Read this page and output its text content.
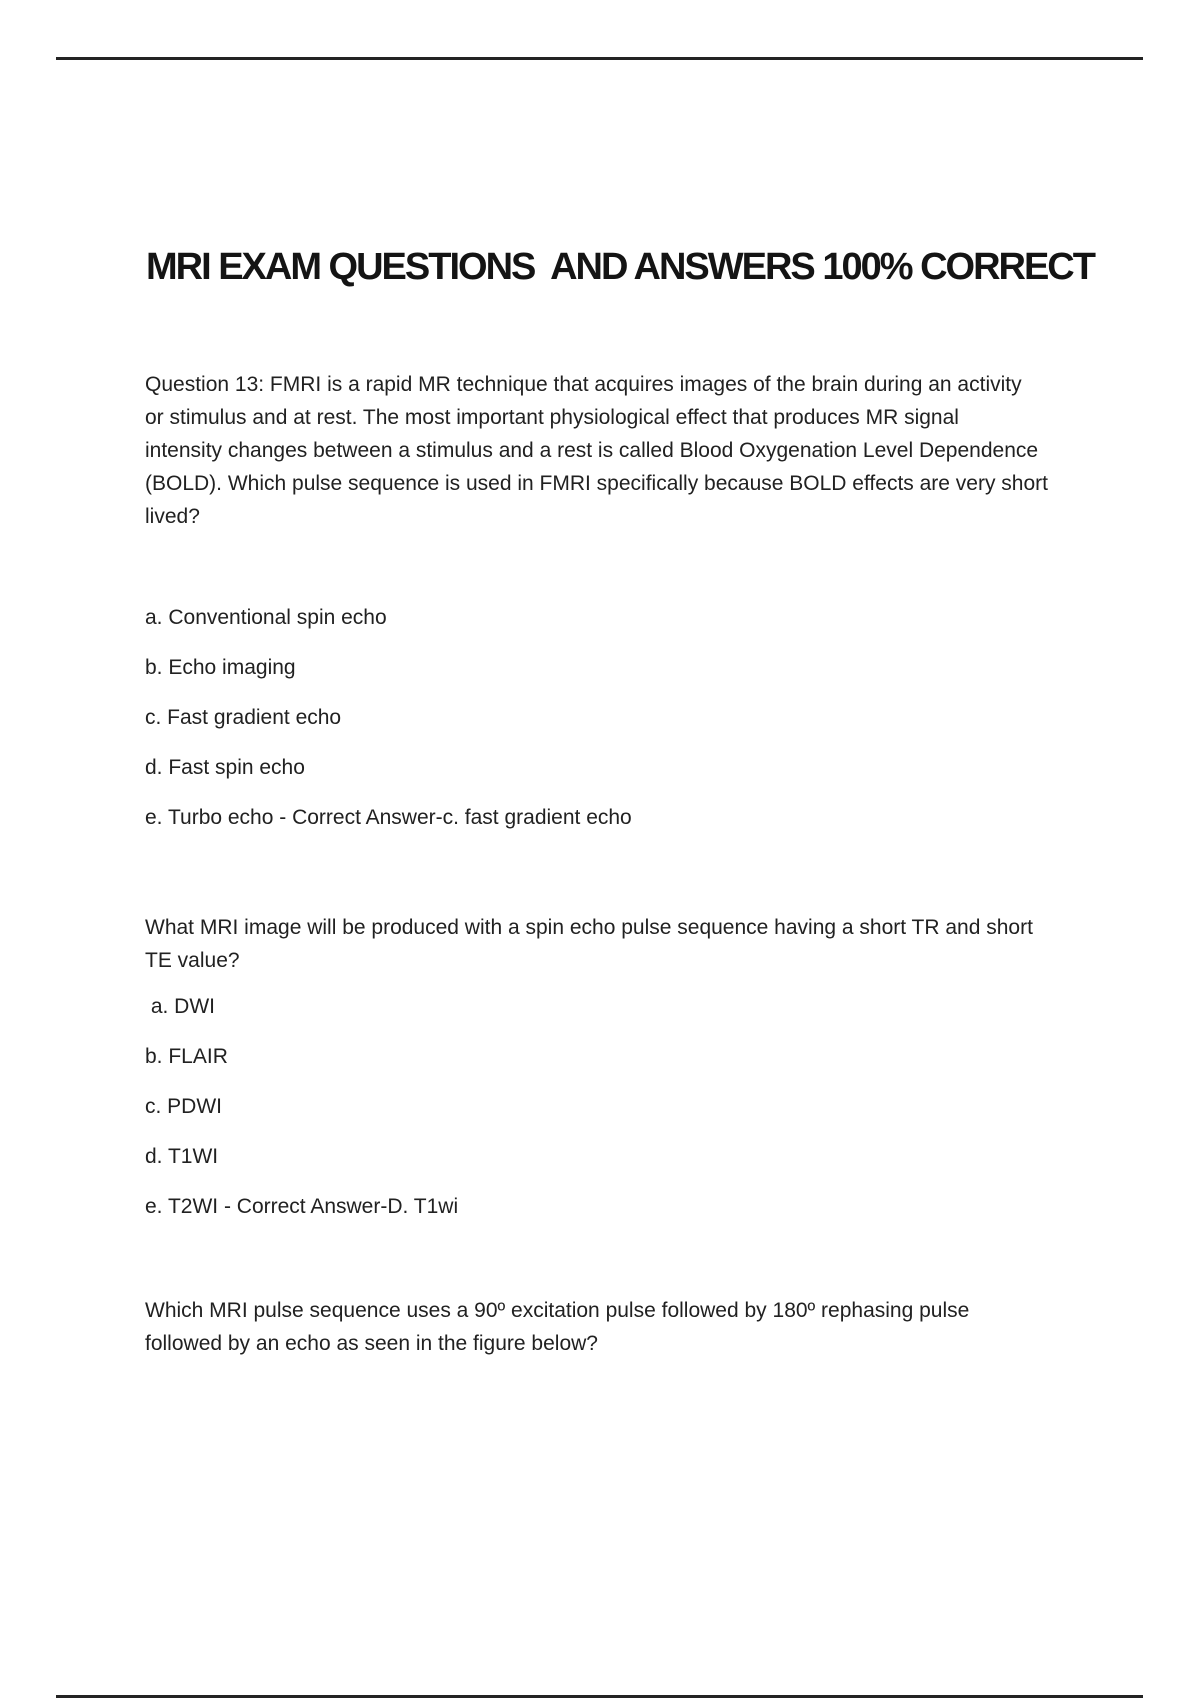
MRI EXAM QUESTIONS  AND ANSWERS 100% CORRECT
Question 13: FMRI is a rapid MR technique that acquires images of the brain during an activity
or stimulus and at rest. The most important physiological effect that produces MR signal
intensity changes between a stimulus and a rest is called Blood Oxygenation Level Dependence
(BOLD). Which pulse sequence is used in FMRI specifically because BOLD effects are very short
lived?
a. Conventional spin echo
b. Echo imaging
c. Fast gradient echo
d. Fast spin echo
e. Turbo echo - Correct Answer-c. fast gradient echo
What MRI image will be produced with a spin echo pulse sequence having a short TR and short
TE value?
a. DWI
b. FLAIR
c. PDWI
d. T1WI
e. T2WI - Correct Answer-D. T1wi
Which MRI pulse sequence uses a 90º excitation pulse followed by 180º rephasing pulse
followed by an echo as seen in the figure below?
